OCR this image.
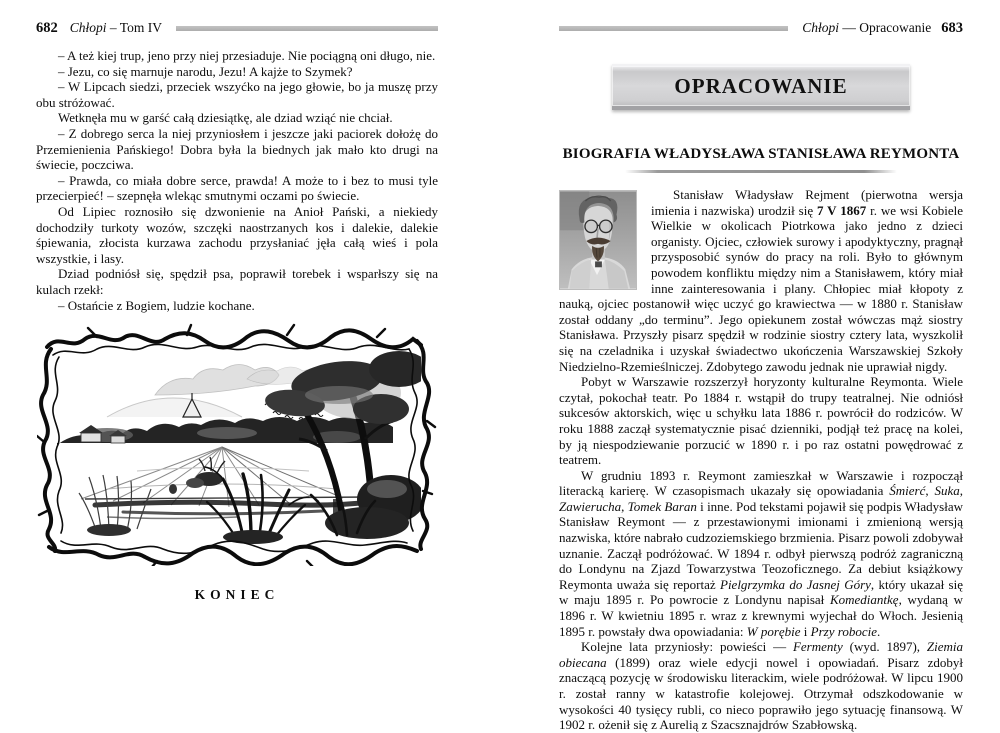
682 Chłopi – Tom IV

– A też kiej trup, jeno przy niej przesiaduje. Nie pociągną oni długo, nie.

– Jezu, co się marnuje narodu, Jezu! A kajże to Szymek?

– W Lipcach siedzi, przeciek wszyćko na jego głowie, bo ja muszę przy obu stróżować.

Wetknęła mu w garść całą dziesiątkę, ale dziad wziąć nie chciał.

– Z dobrego serca la niej przyniosłem i jeszcze jaki paciorek dołożę do Przemienienia Pańskiego! Dobra była la biednych jak mało kto drugi na świecie, poczciwa.

– Prawda, co miała dobre serce, prawda! A może to i bez to musi tyle przecierpieć! – szepnęła wlekąc smutnymi oczami po świecie.

Od Lipiec roznosiło się dzwonienie na Anioł Pański, a niekiedy dochodziły turkoty wozów, szczęki naostrzanych kos i dalekie, dalekie śpiewania, złocista kurzawa zachodu przysłaniać jęła całą wieś i pola wszystkie, i lasy.

Dziad podniósł się, spędził psa, poprawił torebek i wsparłszy się na kulach rzekł:

– Ostańcie z Bogiem, ludzie kochane.

KONIEC
Chłopi — Opracowanie 683
OPRACOWANIE
BIOGRAFIA WŁADYSŁAWA STANISŁAWA REYMONTA

Stanisław Władysław Rejment (pierwotna wersja imienia i nazwiska) urodził się 7 V 1867 r. we wsi Kobiele Wielkie w okolicach Piotrkowa jako jedno z dzieci organisty. Ojciec, człowiek surowy i apodyktyczny, pragnął przysposobić synów do pracy na roli. Było to głównym powodem konfliktu między nim a Stanisławem, który miał inne zainteresowania i plany. Chłopiec miał kłopoty z nauką, ojciec postanowił więc uczyć go krawiectwa — w 1880 r. Stanisław został oddany „do terminu”. Jego opiekunem został wówczas mąż siostry Stanisława. Przyszły pisarz spędził w rodzinie siostry cztery lata, wyszkolił się na czeladnika i uzyskał świadectwo ukończenia Warszawskiej Szkoły Niedzielno-Rzemieślniczej. Zdobytego zawodu jednak nie uprawiał nigdy.

Pobyt w Warszawie rozszerzył horyzonty kulturalne Reymonta. Wiele czytał, pokochał teatr. Po 1884 r. wstąpił do trupy teatralnej. Nie odniósł sukcesów aktorskich, więc u schyłku lata 1886 r. powrócił do rodziców. W roku 1888 zaczął systematycznie pisać dzienniki, podjął też pracę na kolei, by ją niespodziewanie porzucić w 1890 r. i po raz ostatni powędrować z teatrem.

W grudniu 1893 r. Reymont zamieszkał w Warszawie i rozpoczął literacką karierę. W czasopismach ukazały się opowiadania Śmierć, Suka, Zawierucha, Tomek Baran i inne. Pod tekstami pojawił się podpis Władysław Stanisław Reymont — z przestawionymi imionami i zmienioną wersją nazwiska, które nabrało cudzoziemskiego brzmienia. Pisarz powoli zdobywał uznanie. Zaczął podróżować. W 1894 r. odbył pierwszą podróż zagraniczną do Londynu na Zjazd Towarzystwa Teozoficznego. Za debiut książkowy Reymonta uważa się reportaż Pielgrzymka do Jasnej Góry, który ukazał się w maju 1895 r. Po powrocie z Londynu napisał Komediantkę, wydaną w 1896 r. W kwietniu 1895 r. wraz z krewnymi wyjechał do Włoch. Jesienią 1895 r. powstały dwa opowiadania: W porębie i Przy robocie.

Kolejne lata przyniosły: powieści — Fermenty (wyd. 1897), Ziemia obiecana (1899) oraz wiele edycji nowel i opowiadań. Pisarz zdobył znaczącą pozycję w środowisku literackim, wiele podróżował. W lipcu 1900 r. został ranny w katastrofie kolejowej. Otrzymał odszkodowanie w wysokości 40 tysięcy rubli, co nieco poprawiło jego sytuację finansową. W 1902 r. ożenił się z Aurelią z Szacsznajdrów Szabłowską.
